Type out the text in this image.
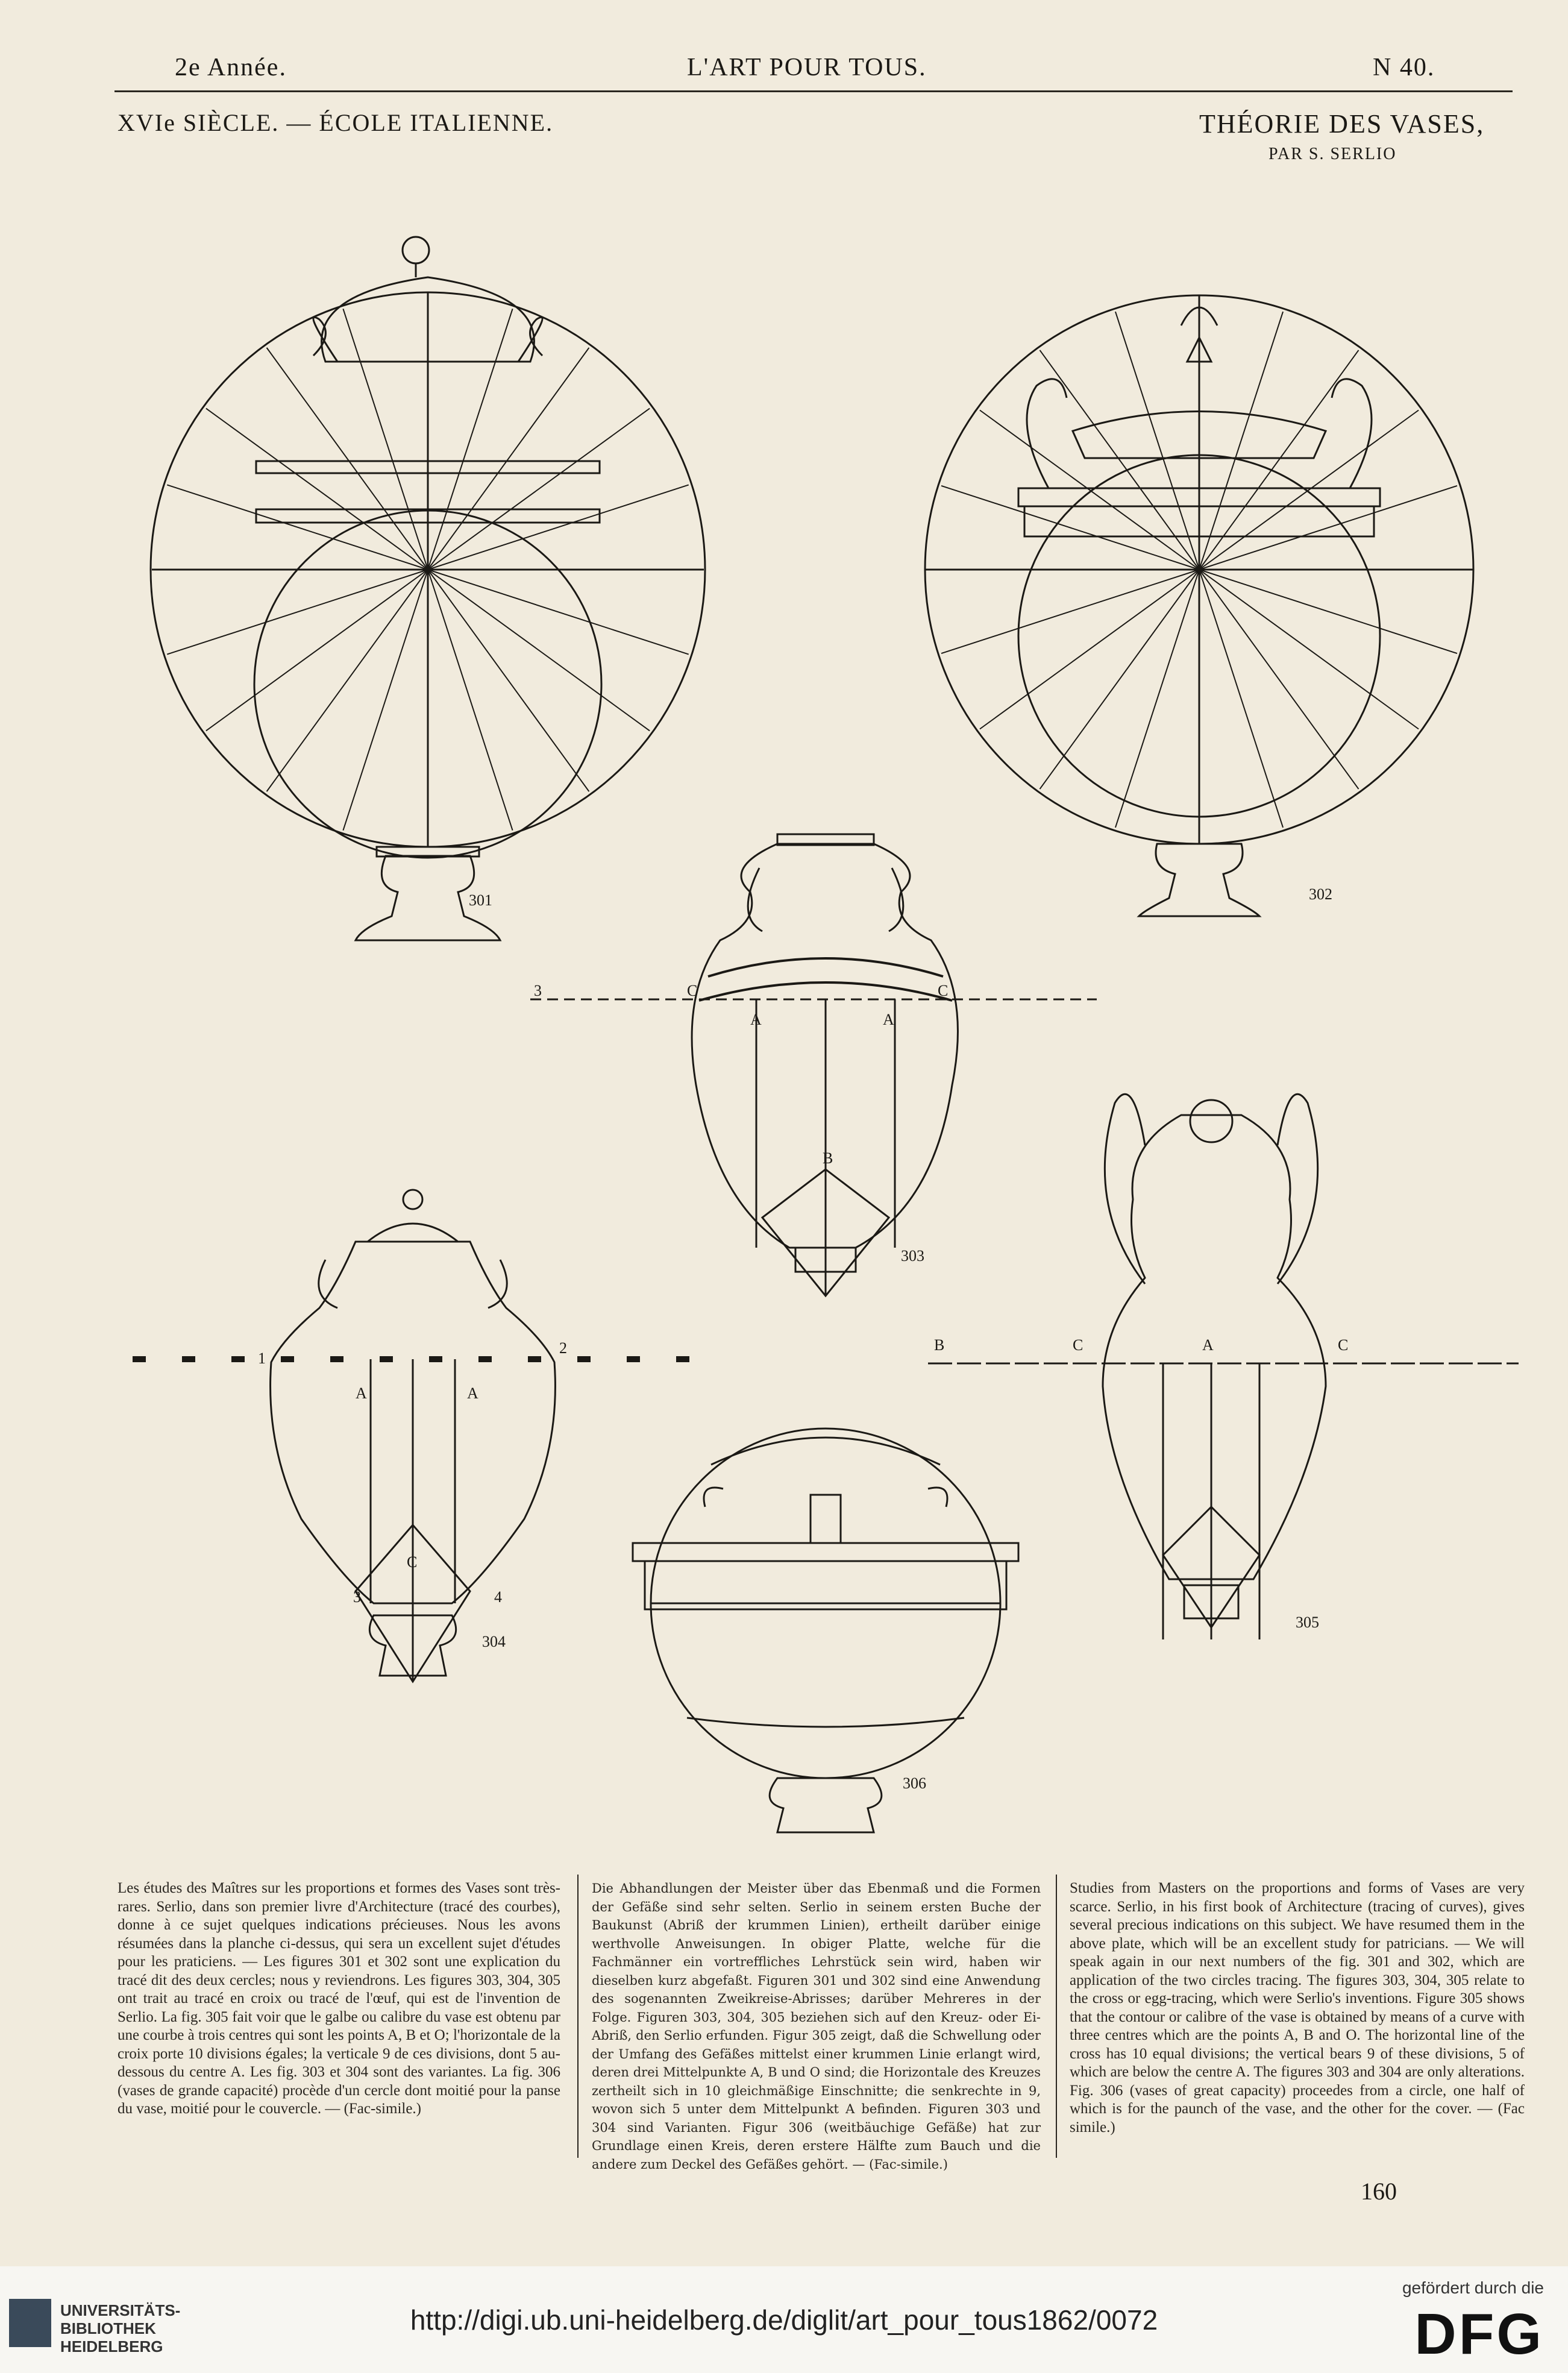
2e Année.	L'ART POUR TOUS.	N 40.
XVIe SIÈCLE. — ÉCOLE ITALIENNE.	THÉORIE DES VASES,
PAR S. SERLIO
301	302
303
3	C	C
A	A
B
304
1
2
A	A
C
3	4
305
B	C	A	C
306

Les études des Maîtres sur les proportions et formes des Vases sont très-rares. Serlio, dans son premier livre d'Architecture (tracé des courbes), donne à ce sujet quelques indications précieuses. Nous les avons résumées dans la planche ci-dessus, qui sera un excellent sujet d'études pour les praticiens. — Les figures 301 et 302 sont une explication du tracé dit des deux cercles; nous y reviendrons. Les figures 303, 304, 305 ont trait au tracé en croix ou tracé de l'œuf, qui est de l'invention de Serlio. La fig. 305 fait voir que le galbe ou calibre du vase est obtenu par une courbe à trois centres qui sont les points A, B et O; l'horizontale de la croix porte 10 divisions égales; la verticale 9 de ces divisions, dont 5 au-dessous du centre A. Les fig. 303 et 304 sont des variantes. La fig. 306 (vases de grande capacité) procède d'un cercle dont moitié pour la panse du vase, moitié pour le couvercle. — (Fac-simile.)

Die Abhandlungen der Meister über das Ebenmaß und die Formen der Gefäße sind sehr selten. Serlio in seinem ersten Buche der Baukunst (Abriß der krummen Linien), ertheilt darüber einige werthvolle Anweisungen. In obiger Platte, welche für die Fachmänner ein vortreffliches Lehrstück sein wird, haben wir dieselben kurz abgefaßt. Figuren 301 und 302 sind eine Anwendung des sogenannten Zweikreise-Abrisses; darüber Mehreres in der Folge. Figuren 303, 304, 305 beziehen sich auf den Kreuz- oder Ei-Abriß, den Serlio erfunden. Figur 305 zeigt, daß die Schwellung oder der Umfang des Gefäßes mittelst einer krummen Linie erlangt wird, deren drei Mittelpunkte A, B und O sind; die Horizontale des Kreuzes zertheilt sich in 10 gleichmäßige Einschnitte; die senkrechte in 9, wovon sich 5 unter dem Mittelpunkt A befinden. Figuren 303 und 304 sind Varianten. Figur 306 (weitbäuchige Gefäße) hat zur Grundlage einen Kreis, deren erstere Hälfte zum Bauch und die andere zum Deckel des Gefäßes gehört. — (Fac-simile.)

Studies from Masters on the proportions and forms of Vases are very scarce. Serlio, in his first book of Architecture (tracing of curves), gives several precious indications on this subject. We have resumed them in the above plate, which will be an excellent study for patricians. — We will speak again in our next numbers of the fig. 301 and 302, which are application of the two circles tracing. The figures 303, 304, 305 relate to the cross or egg-tracing, which were Serlio's inventions. Figure 305 shows that the contour or calibre of the vase is obtained by means of a curve with three centres which are the points A, B and O. The horizontal line of the cross has 10 equal divisions; the vertical bears 9 of these divisions, 5 of which are below the centre A. The figures 303 and 304 are only alterations. Fig. 306 (vases of great capacity) proceedes from a circle, one half of which is for the paunch of the vase, and the other for the cover. — (Fac simile.)

160
UNIVERSITÄTS-
BIBLIOTHEK
HEIDELBERG
http://digi.ub.uni-heidelberg.de/diglit/art_pour_tous1862/0072
gefördert durch die
DFG
